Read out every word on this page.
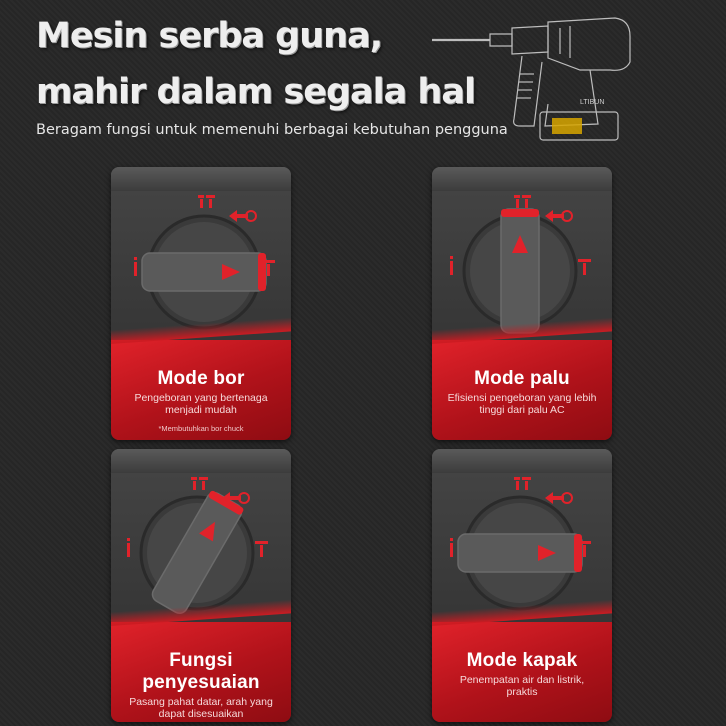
Mesin serba guna,
mahir dalam segala hal
Beragam fungsi untuk memenuhi berbagai kebutuhan pengguna
LTIBUN
Mode bor
Pengeboran yang bertenaga menjadi mudah
*Membutuhkan bor chuck
Mode palu
Efisiensi pengeboran yang lebih tinggi dari palu AC
Fungsi penyesuaian
Pasang pahat datar, arah yang dapat disesuaikan
Mode kapak
Penempatan air dan listrik, praktis
